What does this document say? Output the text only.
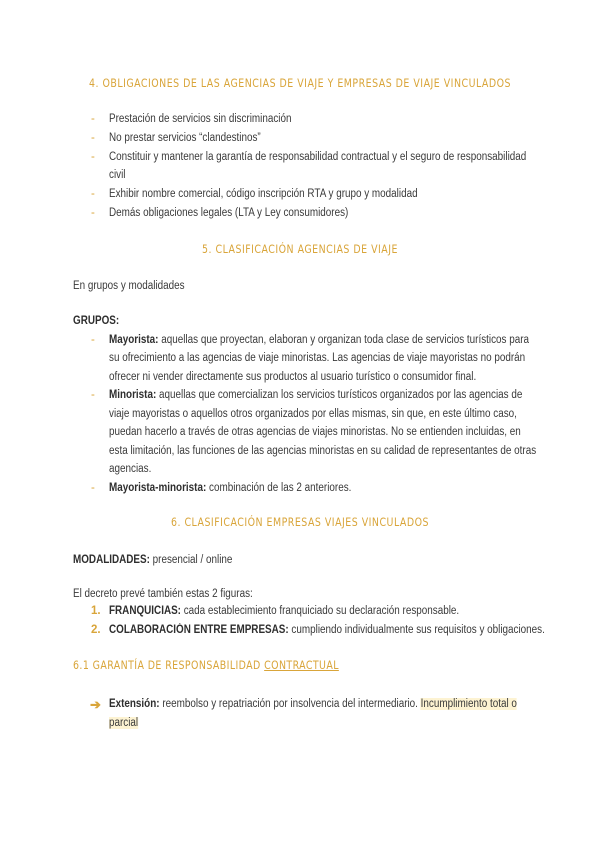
4. OBLIGACIONES DE LAS AGENCIAS DE VIAJE Y EMPRESAS DE VIAJE VINCULADOS
- Prestación de servicios sin discriminación
- No prestar servicios “clandestinos”
- Constituir y mantener la garantía de responsabilidad contractual y el seguro de responsabilidad
civil
- Exhibir nombre comercial, código inscripción RTA y grupo y modalidad
- Demás obligaciones legales (LTA y Ley consumidores)
5. CLASIFICACIÓN AGENCIAS DE VIAJE
En grupos y modalidades
GRUPOS:
- Mayorista: aquellas que proyectan, elaboran y organizan toda clase de servicios turísticos para
su ofrecimiento a las agencias de viaje minoristas. Las agencias de viaje mayoristas no podrán
ofrecer ni vender directamente sus productos al usuario turístico o consumidor final.
- Minorista: aquellas que comercializan los servicios turísticos organizados por las agencias de
viaje mayoristas o aquellos otros organizados por ellas mismas, sin que, en este último caso,
puedan hacerlo a través de otras agencias de viajes minoristas. No se entienden incluidas, en
esta limitación, las funciones de las agencias minoristas en su calidad de representantes de otras
agencias.
- Mayorista-minorista: combinación de las 2 anteriores.
6. CLASIFICACIÓN EMPRESAS VIAJES VINCULADOS
MODALIDADES: presencial / online
El decreto prevé también estas 2 figuras:
1. FRANQUICIAS: cada establecimiento franquiciado su declaración responsable.
2. COLABORACIÓN ENTRE EMPRESAS: cumpliendo individualmente sus requisitos y obligaciones.
6.1 GARANTÍA DE RESPONSABILIDAD CONTRACTUAL
➔ Extensión: reembolso y repatriación por insolvencia del intermediario. Incumplimiento total o
parcial
